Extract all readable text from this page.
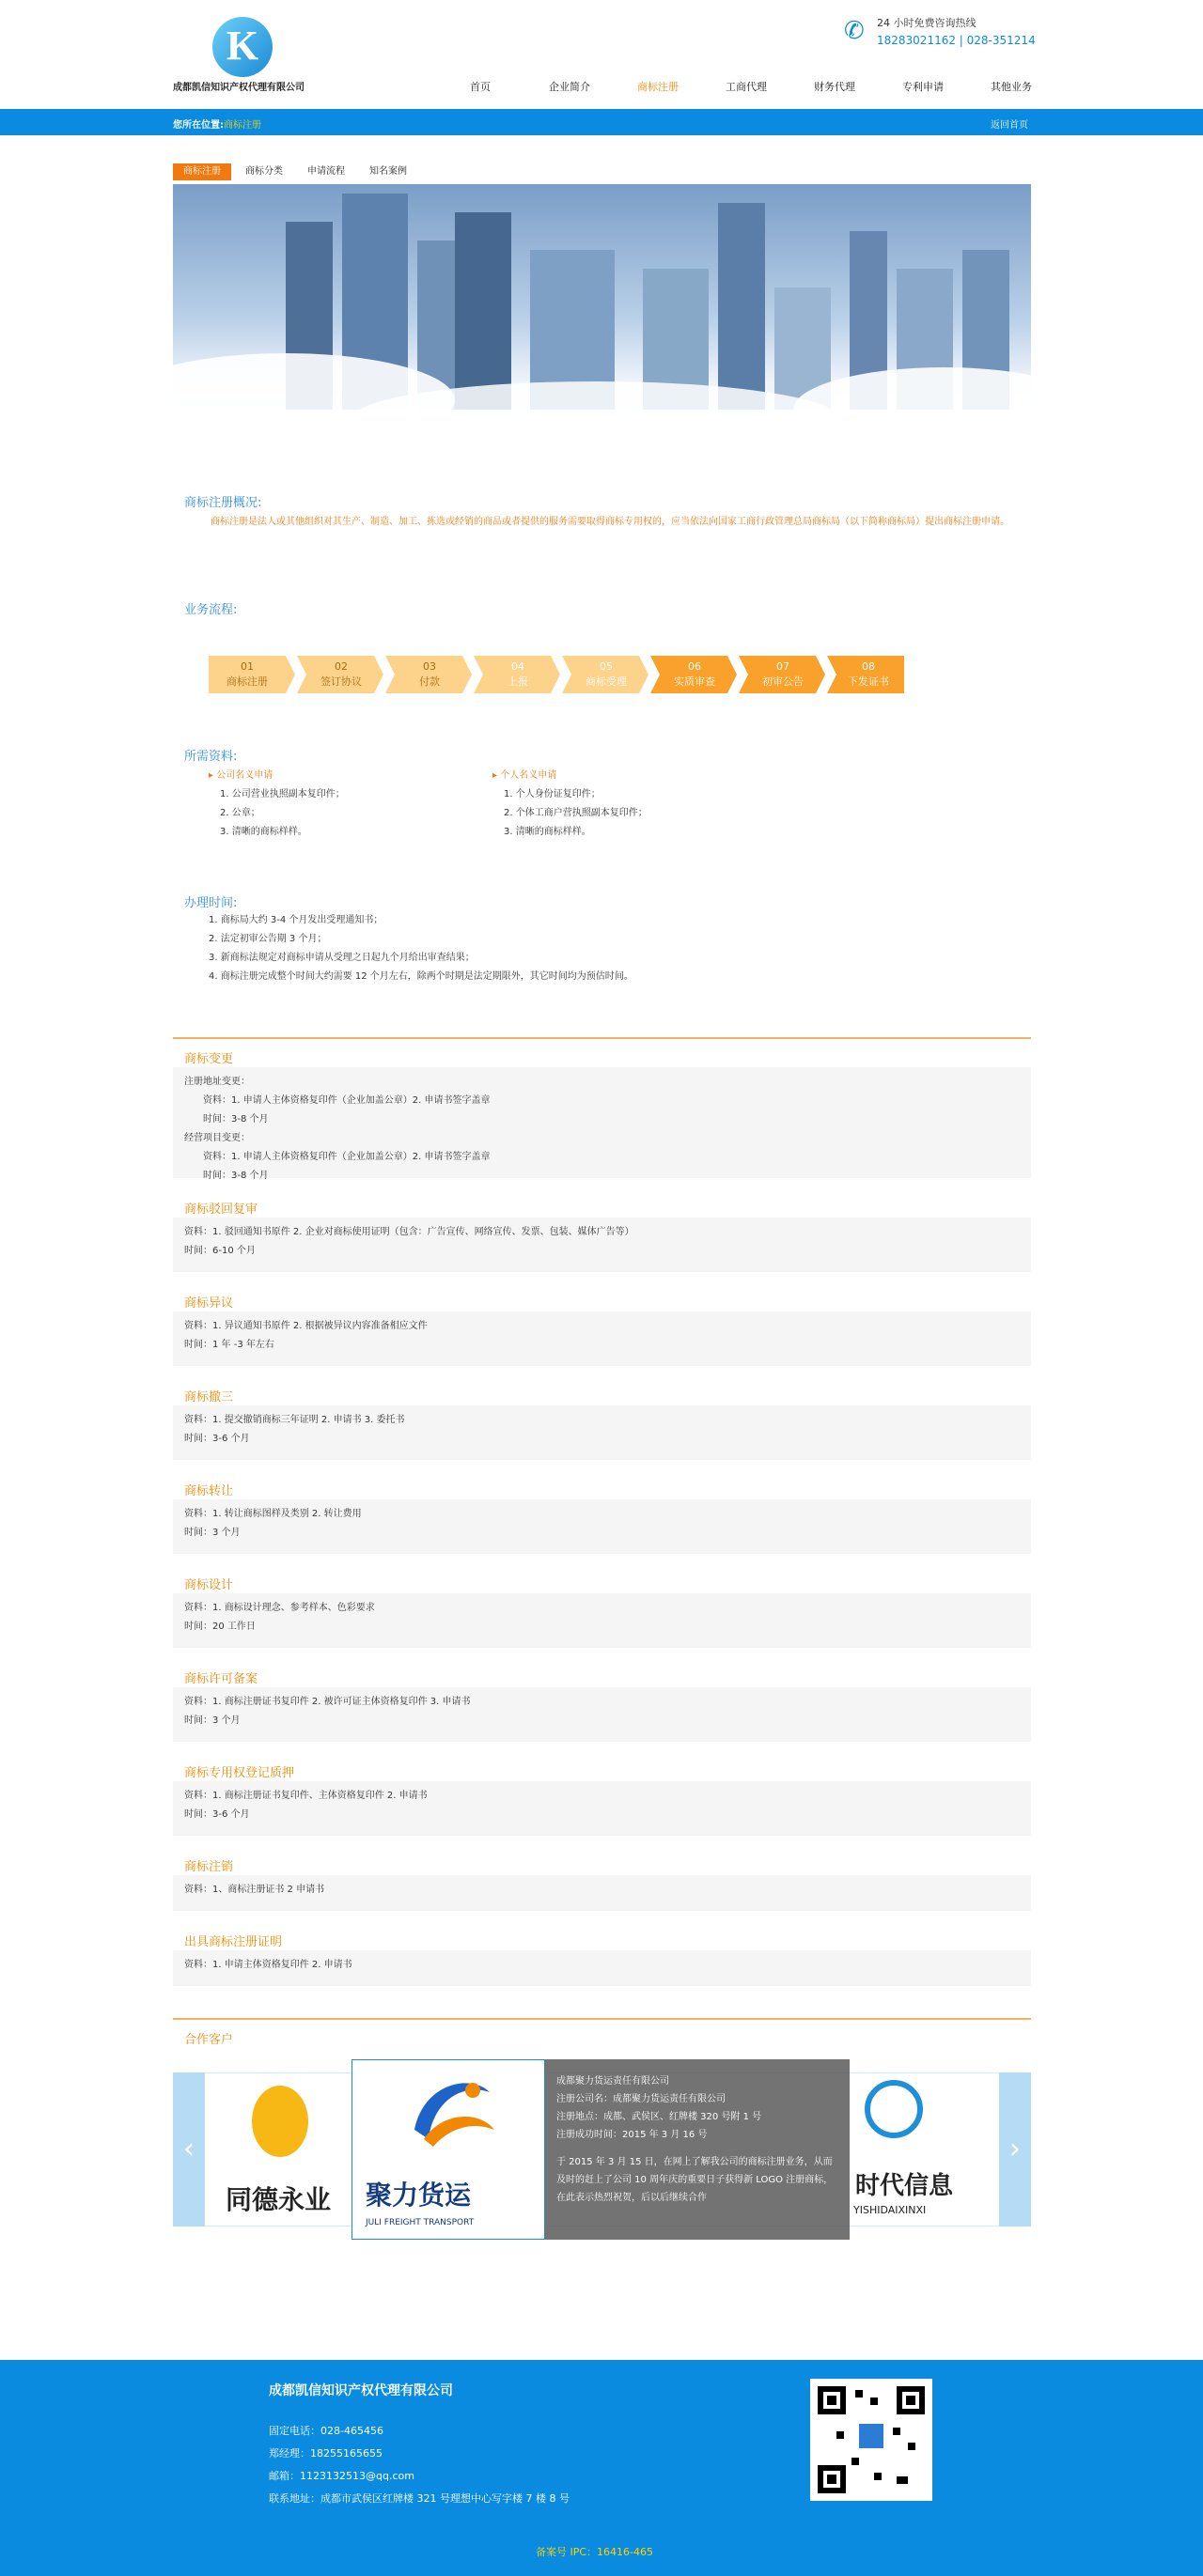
K
成都凯信知识产权代理有限公司
✆ 24 小时免费咨询热线
18283021162 | 028-351214
首页	企业简介	商标注册	工商代理	财务代理	专利申请	其他业务
您所在位置:商标注册	返回首页
商标注册	商标分类	申请流程	知名案例
商标注册概况:
商标注册是法人或其他组织对其生产、制造、加工、拣选或经销的商品或者提供的服务需要取得商标专用权的，应当依法向国家工商行政管理总局商标局（以下简称商标局）提出商标注册申请。
业务流程:
01
商标注册
02
签订协议
03
付款
04
上报
05
商标受理
06
实质审查
07
初审公告
08
下发证书
所需资料:
▸ 公司名义申请
1. 公司营业执照副本复印件；
2. 公章；
3. 清晰的商标样样。
▸ 个人名义申请
1. 个人身份证复印件；
2. 个体工商户营执照副本复印件；
3. 清晰的商标样样。
办理时间:
1. 商标局大约 3-4 个月发出受理通知书；
2. 法定初审公告期 3 个月；
3. 新商标法规定对商标申请从受理之日起九个月给出审查结果；
4. 商标注册完成整个时间大约需要 12 个月左右，除两个时期是法定期限外，其它时间均为预估时间。
商标变更
注册地址变更：
　　资料：1. 申请人主体资格复印件（企业加盖公章）2. 申请书签字盖章
　　时间：3-8 个月
经营项目变更：
　　资料：1. 申请人主体资格复印件（企业加盖公章）2. 申请书签字盖章
　　时间：3-8 个月
商标驳回复审
资料：1. 驳回通知书原件 2. 企业对商标使用证明（包含：广告宣传、网络宣传、发票、包装、媒体广告等）
时间：6-10 个月
商标异议
资料：1. 异议通知书原件 2. 根据被异议内容准备相应文件
时间：1 年 -3 年左右
商标撤三
资料：1. 提交撤销商标三年证明 2. 申请书 3. 委托书
时间：3-6 个月
商标转让
资料：1. 转让商标图样及类别 2. 转让费用
时间：3 个月
商标设计
资料：1. 商标设计理念、参考样本、色彩要求
时间：20 工作日
商标许可备案
资料：1. 商标注册证书复印件 2. 被许可证主体资格复印件 3. 申请书
时间：3 个月
商标专用权登记质押
资料：1. 商标注册证书复印件、主体资格复印件 2. 申请书
时间：3-6 个月
商标注销
资料：1、商标注册证书 2 申请书
出具商标注册证明
资料：1. 申请主体资格复印件 2. 申请书
合作客户
‹	›
同德永业	时代信息
YISHIDAIXINXI
聚力货运
JULI FREIGHT TRANSPORT
成都聚力货运责任有限公司
注册公司名：成都聚力货运责任有限公司
注册地点：成都、武侯区、红牌楼 320 号附 1 号
注册成功时间：2015 年 3 月 16 号
于 2015 年 3 月 15 日，在网上了解我公司的商标注册业务，从而及时的赶上了公司 10 周年庆的重要日子获得新 LOGO 注册商标，在此表示热烈祝贺，后以后继续合作
成都凯信知识产权代理有限公司
固定电话：028-465456
郑经理：18255165655
邮箱：1123132513@qq.com
联系地址：成都市武侯区红牌楼 321 号理想中心写字楼 7 楼 8 号
备案号 IPC：16416-465
